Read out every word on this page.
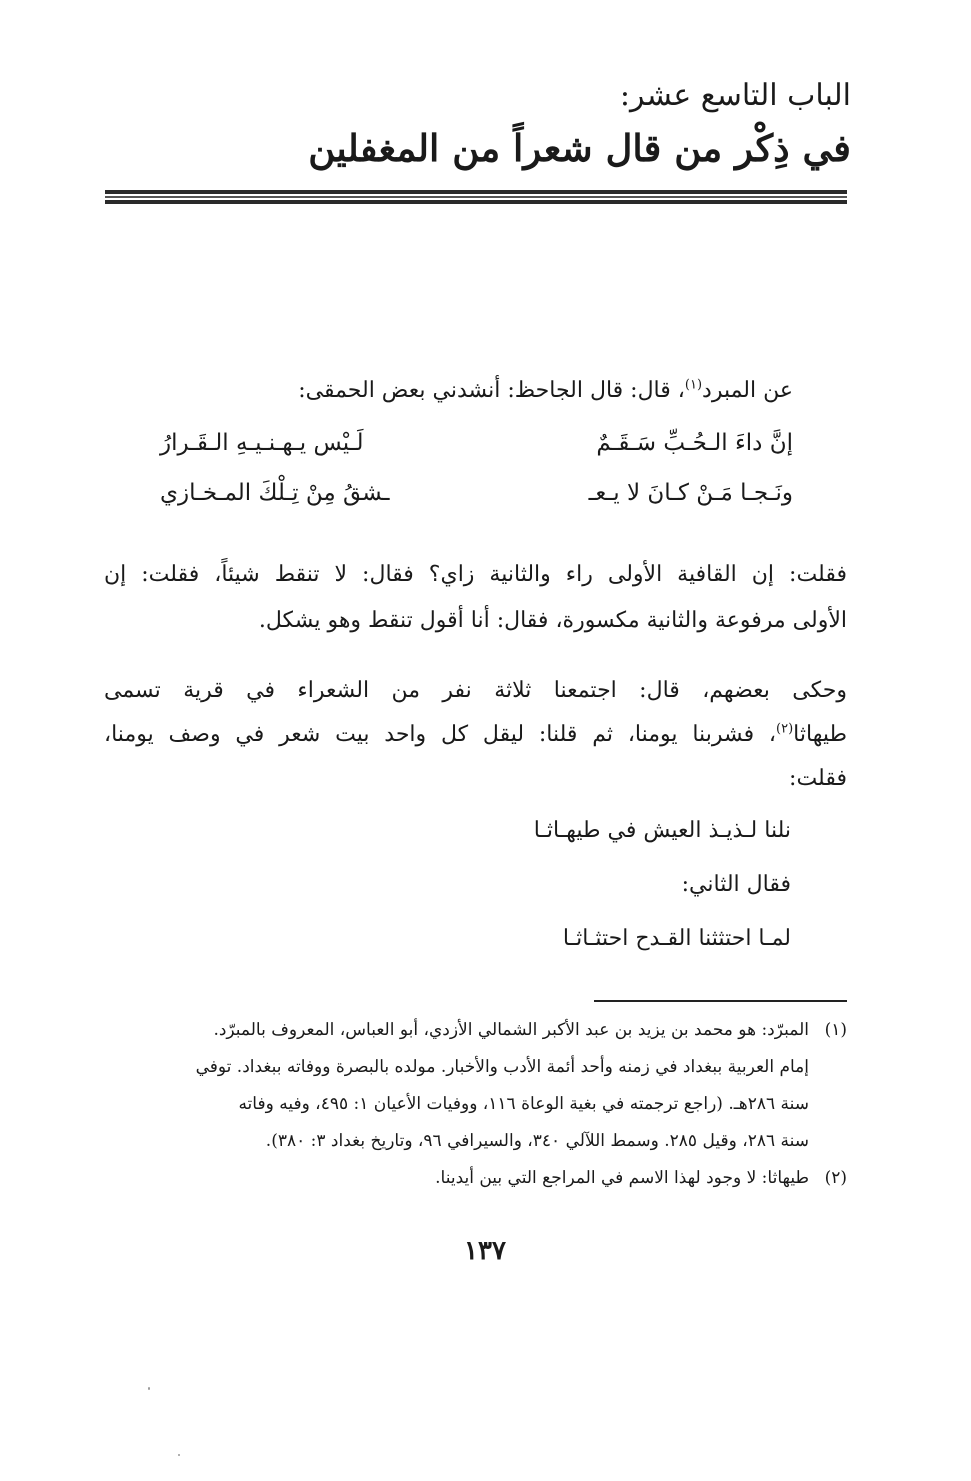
الباب التاسع عشر:
في ذِكْر من قال شعراً من المغفلين
عن المبرد$^{(١)}$، قال: قال الجاحظ: أنشدني بعض الحمقى:
إنَّ داءَ الـحُـبِّ سَـقَـمٌ
لَـيْس يـهـنـيـهِ الـقَـرارُ
ونَـجـا مَـنْ كـانَ لا يـعـ
ـشقُ مِنْ تِـلْكَ المـخـازي
فقلت: إن القافية الأولى راء والثانية زاي؟ فقال: لا تنقط شيئاً، فقلت: إن
الأولى مرفوعة والثانية مكسورة، فقال: أنا أقول تنقط وهو يشكل.
وحكى بعضهم، قال: اجتمعنا ثلاثة نفر من الشعراء في قرية تسمى
طيهاثا$^{(٢)}$، فشربنا يومنا، ثم قلنا: ليقل كل واحد بيت شعر في وصف يومنا،
فقلت:
نلنا لـذيـذ العيش في طيهـاثـا
فقال الثاني:
لمـا احتثثنا القـدح احتثـاثـا
(١)
المبرّد: هو محمد بن يزيد بن عبد الأكبر الشمالي الأزدي، أبو العباس، المعروف بالمبرّد.
إمام العربية ببغداد في زمنه وأحد أئمة الأدب والأخبار. مولده بالبصرة ووفاته ببغداد. توفي
سنة ٢٨٦هـ. (راجع ترجمته في بغية الوعاة ١١٦، ووفيات الأعيان ١: ٤٩٥، وفيه وفاته
سنة ٢٨٦، وقيل ٢٨٥. وسمط اللآلي ٣٤٠، والسيرافي ٩٦، وتاريخ بغداد ٣: ٣٨٠).
(٢)
طيهاثا: لا وجود لهذا الاسم في المراجع التي بين أيدينا.
١٣٧
